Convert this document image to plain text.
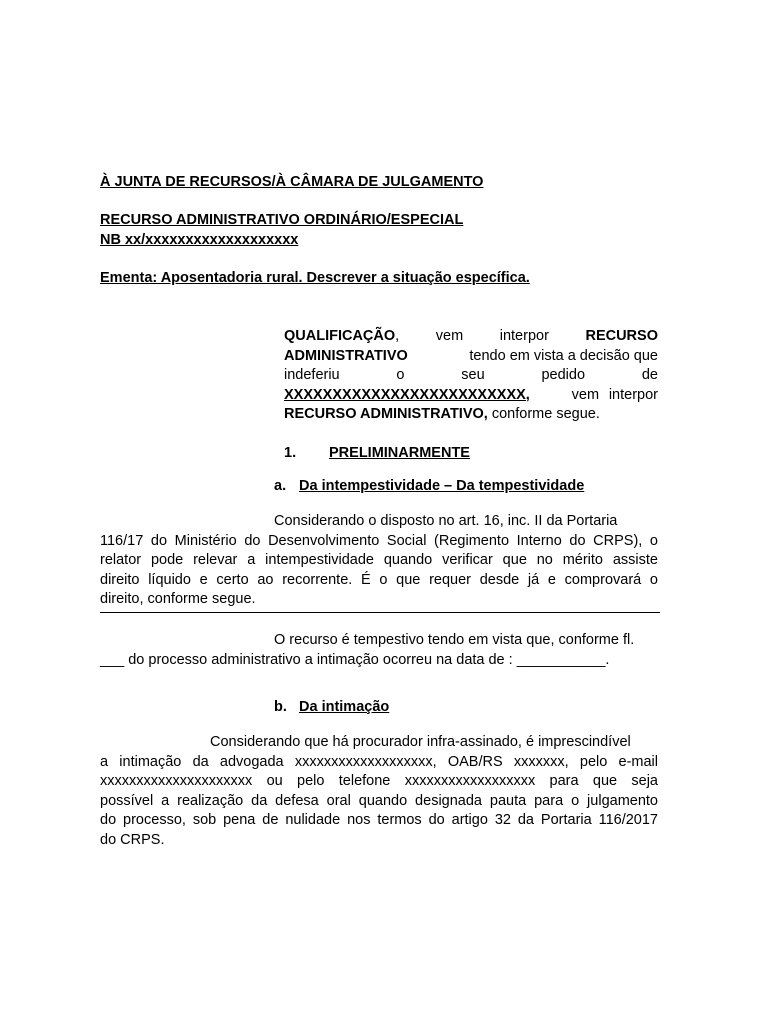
À JUNTA DE RECURSOS/À CÂMARA DE JULGAMENTO
RECURSO ADMINISTRATIVO ORDINÁRIO/ESPECIAL
NB xx/xxxxxxxxxxxxxxxxxxx
Ementa: Aposentadoria rural. Descrever a situação específica.
QUALIFICAÇÃO,	vem	interpor	RECURSO
ADMINISTRATIVO	tendo em vista a decisão que
indeferiu	o	seu	pedido	de
XXXXXXXXXXXXXXXXXXXXXXXXX,	vem interpor
RECURSO ADMINISTRATIVO, conforme segue.
1. PRELIMINARMENTE
a. Da intempestividade – Da tempestividade
Considerando o disposto no art. 16, inc. II da Portaria
116/17 do Ministério do Desenvolvimento Social (Regimento Interno do CRPS), o
relator pode relevar a intempestividade quando verificar que no mérito assiste
direito líquido e certo ao recorrente. É o que requer desde já e comprovará o
direito, conforme segue.
O recurso é tempestivo tendo em vista que, conforme fl.
___ do processo administrativo a intimação ocorreu na data de : ___________.
b. Da intimação
Considerando que há procurador infra-assinado, é imprescindível
a intimação da advogada xxxxxxxxxxxxxxxxxxx, OAB/RS xxxxxxx, pelo e-mail
xxxxxxxxxxxxxxxxxxxxx ou pelo telefone xxxxxxxxxxxxxxxxxx para que seja
possível a realização da defesa oral quando designada pauta para o julgamento
do processo, sob pena de nulidade nos termos do artigo 32 da Portaria 116/2017
do CRPS.
